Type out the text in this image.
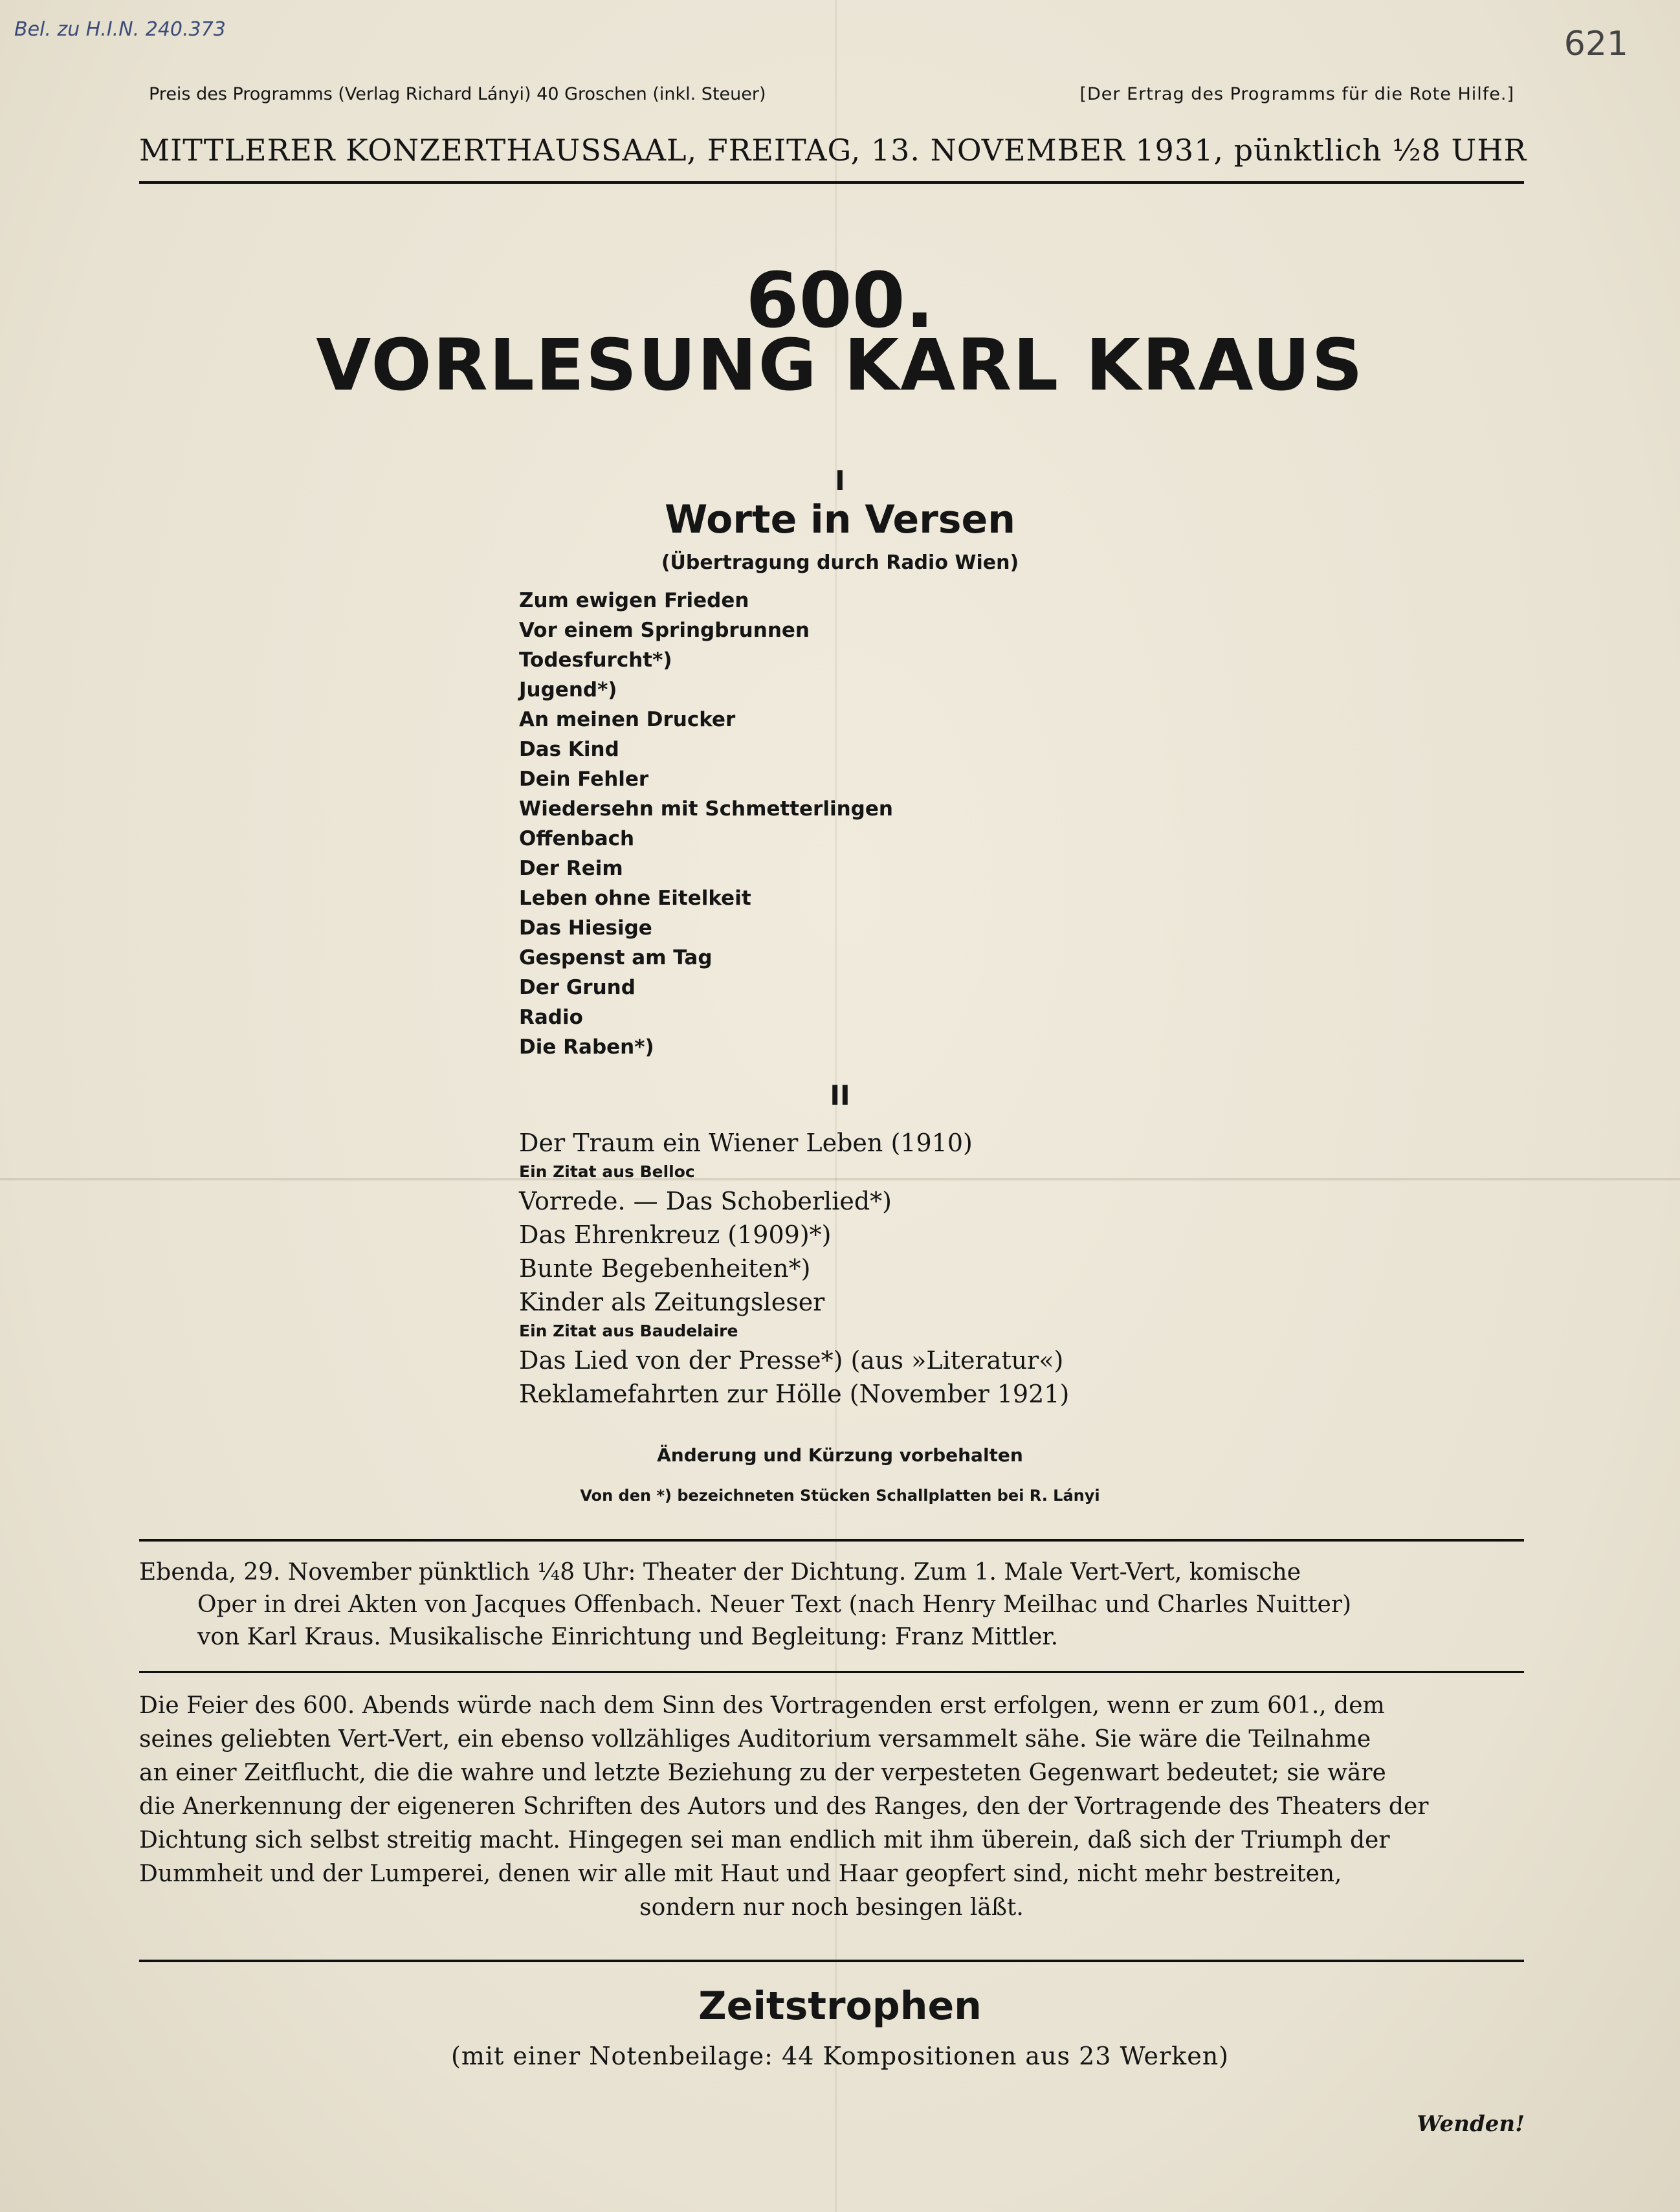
Bel. zu H.I.N. 240.373	621
Preis des Programms (Verlag Richard Lányi) 40 Groschen (inkl. Steuer)	[Der Ertrag des Programms für die Rote Hilfe.]
MITTLERER KONZERTHAUSSAAL, FREITAG, 13. NOVEMBER 1931, pünktlich ½8 UHR
600.
VORLESUNG KARL KRAUS
I
Worte in Versen
(Übertragung durch Radio Wien)
Zum ewigen Frieden
Vor einem Springbrunnen
Todesfurcht*)
Jugend*)
An meinen Drucker
Das Kind
Dein Fehler
Wiedersehn mit Schmetterlingen
Offenbach
Der Reim
Leben ohne Eitelkeit
Das Hiesige
Gespenst am Tag
Der Grund
Radio
Die Raben*)
II
Der Traum ein Wiener Leben (1910)
Ein Zitat aus Belloc
Vorrede. — Das Schoberlied*)
Das Ehrenkreuz (1909)*)
Bunte Begebenheiten*)
Kinder als Zeitungsleser
Ein Zitat aus Baudelaire
Das Lied von der Presse*) (aus »Literatur«)
Reklamefahrten zur Hölle (November 1921)
Änderung und Kürzung vorbehalten
Von den *) bezeichneten Stücken Schallplatten bei R. Lányi

Ebenda, 29. November pünktlich ¼8 Uhr: Theater der Dichtung. Zum 1. Male Vert-Vert, komische

Oper in drei Akten von Jacques Offenbach. Neuer Text (nach Henry Meilhac und Charles Nuitter)

von Karl Kraus. Musikalische Einrichtung und Begleitung: Franz Mittler.

Die Feier des 600. Abends würde nach dem Sinn des Vortragenden erst erfolgen, wenn er zum 601., dem

seines geliebten Vert-Vert, ein ebenso vollzähliges Auditorium versammelt sähe. Sie wäre die Teilnahme

an einer Zeitflucht, die die wahre und letzte Beziehung zu der verpesteten Gegenwart bedeutet; sie wäre

die Anerkennung der eigeneren Schriften des Autors und des Ranges, den der Vortragende des Theaters der

Dichtung sich selbst streitig macht. Hingegen sei man endlich mit ihm überein, daß sich der Triumph der

Dummheit und der Lumperei, denen wir alle mit Haut und Haar geopfert sind, nicht mehr bestreiten,

sondern nur noch besingen läßt.

Zeitstrophen
(mit einer Notenbeilage: 44 Kompositionen aus 23 Werken)
Wenden!
